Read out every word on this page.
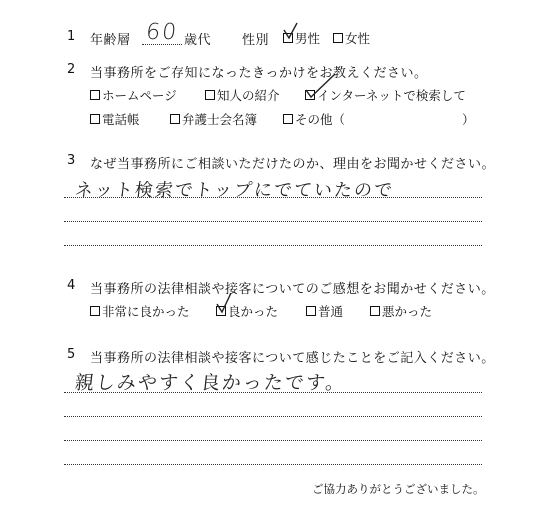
1 年齢層 60 歳代 性別 男性 女性
2 当事務所をご存知になったきっかけをお教えください。
ホームページ	知人の紹介	インターネットで検索して
電話帳	弁護士会名簿	その他（	）
3 なぜ当事務所にご相談いただけたのか、理由をお聞かせください。
ネット検索でトップにでていたので
4 当事務所の法律相談や接客についてのご感想をお聞かせください。
非常に良かった	良かった	普通	悪かった
5 当事務所の法律相談や接客について感じたことをご記入ください。
親しみやすく良かったです。
ご協力ありがとうございました。
